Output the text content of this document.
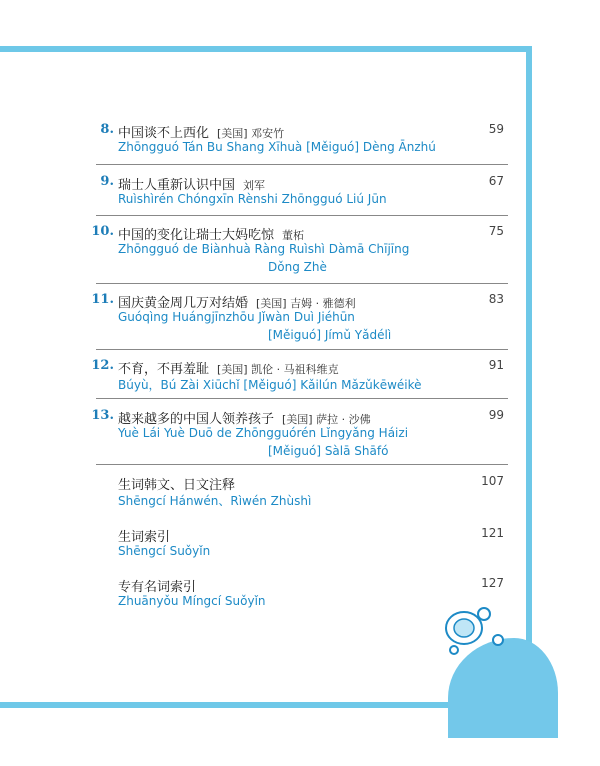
8. 中国谈不上西化 [美国] 邓安竹
Zhōngguó Tán Bu Shang Xīhuà [Měiguó] Dèng Ānzhú
59
9. 瑞士人重新认识中国 刘军
Ruìshìrén Chóngxīn Rènshi Zhōngguó Liú Jūn
67
10. 中国的变化让瑞士大妈吃惊 董柘
Zhōngguó de Biànhuà Ràng Ruìshì Dàmā Chījīng
Dǒng Zhè
75
11. 国庆黄金周几万对结婚 [美国] 吉姆 · 雅德利
Guóqìng Huángjīnzhōu Jǐwàn Duì Jiéhūn
[Měiguó] Jímǔ Yǎdélì
83
12. 不育，不再羞耻 [美国] 凯伦 · 马祖科维克
Búyù，Bú Zài Xiūchǐ [Měiguó] Kǎilún Mǎzǔkēwéikè
91
13. 越来越多的中国人领养孩子 [美国] 萨拉 · 沙佛
Yuè Lái Yuè Duō de Zhōngguórén Lǐngyǎng Háizi
[Měiguó] Sàlā Shāfó
99
生词韩文、日文注释
Shēngcí Hánwén、Rìwén Zhùshì
107
生词索引
Shēngcí Suǒyǐn
121
专有名词索引
Zhuānyǒu Míngcí Suǒyǐn
127
